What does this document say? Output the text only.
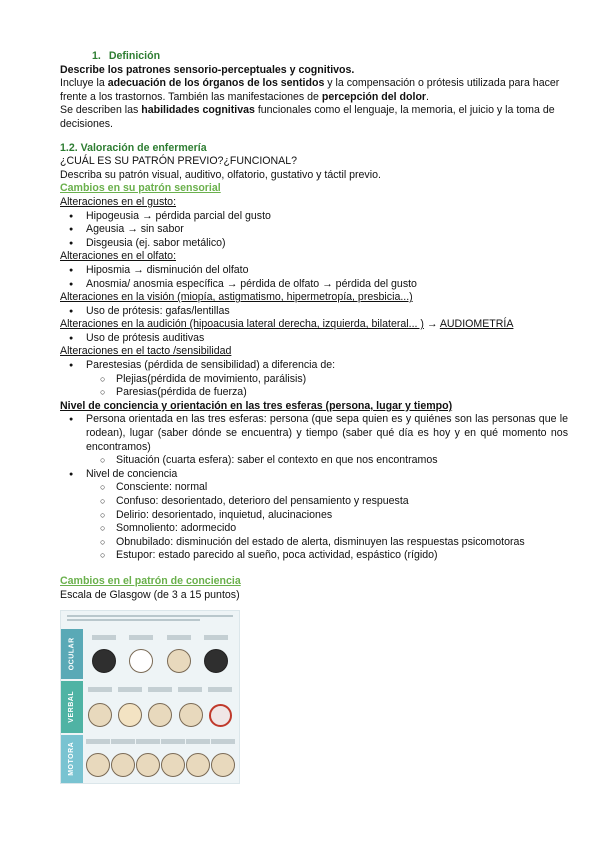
1. Definición
Describe los patrones sensorio-perceptuales y cognitivos.
Incluye la adecuación de los órganos de los sentidos y la compensación o prótesis utilizada para hacer frente a los trastornos. También las manifestaciones de percepción del dolor.
Se describen las habilidades cognitivas funcionales como el lenguaje, la memoria, el juicio y la toma de decisiones.
1.2. Valoración de enfermería
¿CUÁL ES SU PATRÓN PREVIO?¿FUNCIONAL?
Describa su patrón visual, auditivo, olfatorio, gustativo y táctil previo.
Cambios en su patrón sensorial
Alteraciones en el gusto:
● Hipogeusia → pérdida parcial del gusto
● Ageusia → sin sabor
● Disgeusia (ej. sabor metálico)
Alteraciones en el olfato:
● Hiposmia → disminución del olfato
● Anosmia/ anosmia específica → pérdida de olfato → pérdida del gusto
Alteraciones en la visión (miopía, astigmatismo, hipermetropía, presbicia...)
● Uso de prótesis: gafas/lentillas
Alteraciones en la audición (hipoacusia lateral derecha, izquierda, bilateral... ) → AUDIOMETRÍA
● Uso de prótesis auditivas
Alteraciones en el tacto /sensibilidad
● Parestesias (pérdida de sensibilidad) a diferencia de:
○ Plejias(pérdida de movimiento, parálisis)
○ Paresias(pérdida de fuerza)
Nivel de conciencia y orientación en las tres esferas (persona, lugar y tiempo)
● Persona orientada en las tres esferas: persona (que sepa quien es y quiénes son las personas que le rodean), lugar (saber dónde se encuentra) y tiempo (saber qué día es hoy y en qué momento nos encontramos)
○ Situación (cuarta esfera): saber el contexto en que nos encontramos
● Nivel de conciencia
○ Consciente: normal
○ Confuso: desorientado, deterioro del pensamiento y respuesta
○ Delirio: desorientado, inquietud, alucinaciones
○ Somnoliento: adormecido
○ Obnubilado: disminución del estado de alerta, disminuyen las respuestas psicomotoras
○ Estupor: estado parecido al sueño, poca actividad, espástico (rígido)
Cambios en el patrón de conciencia
Escala de Glasgow (de 3 a 15 puntos)
OCULAR
VERBAL
MOTORA
